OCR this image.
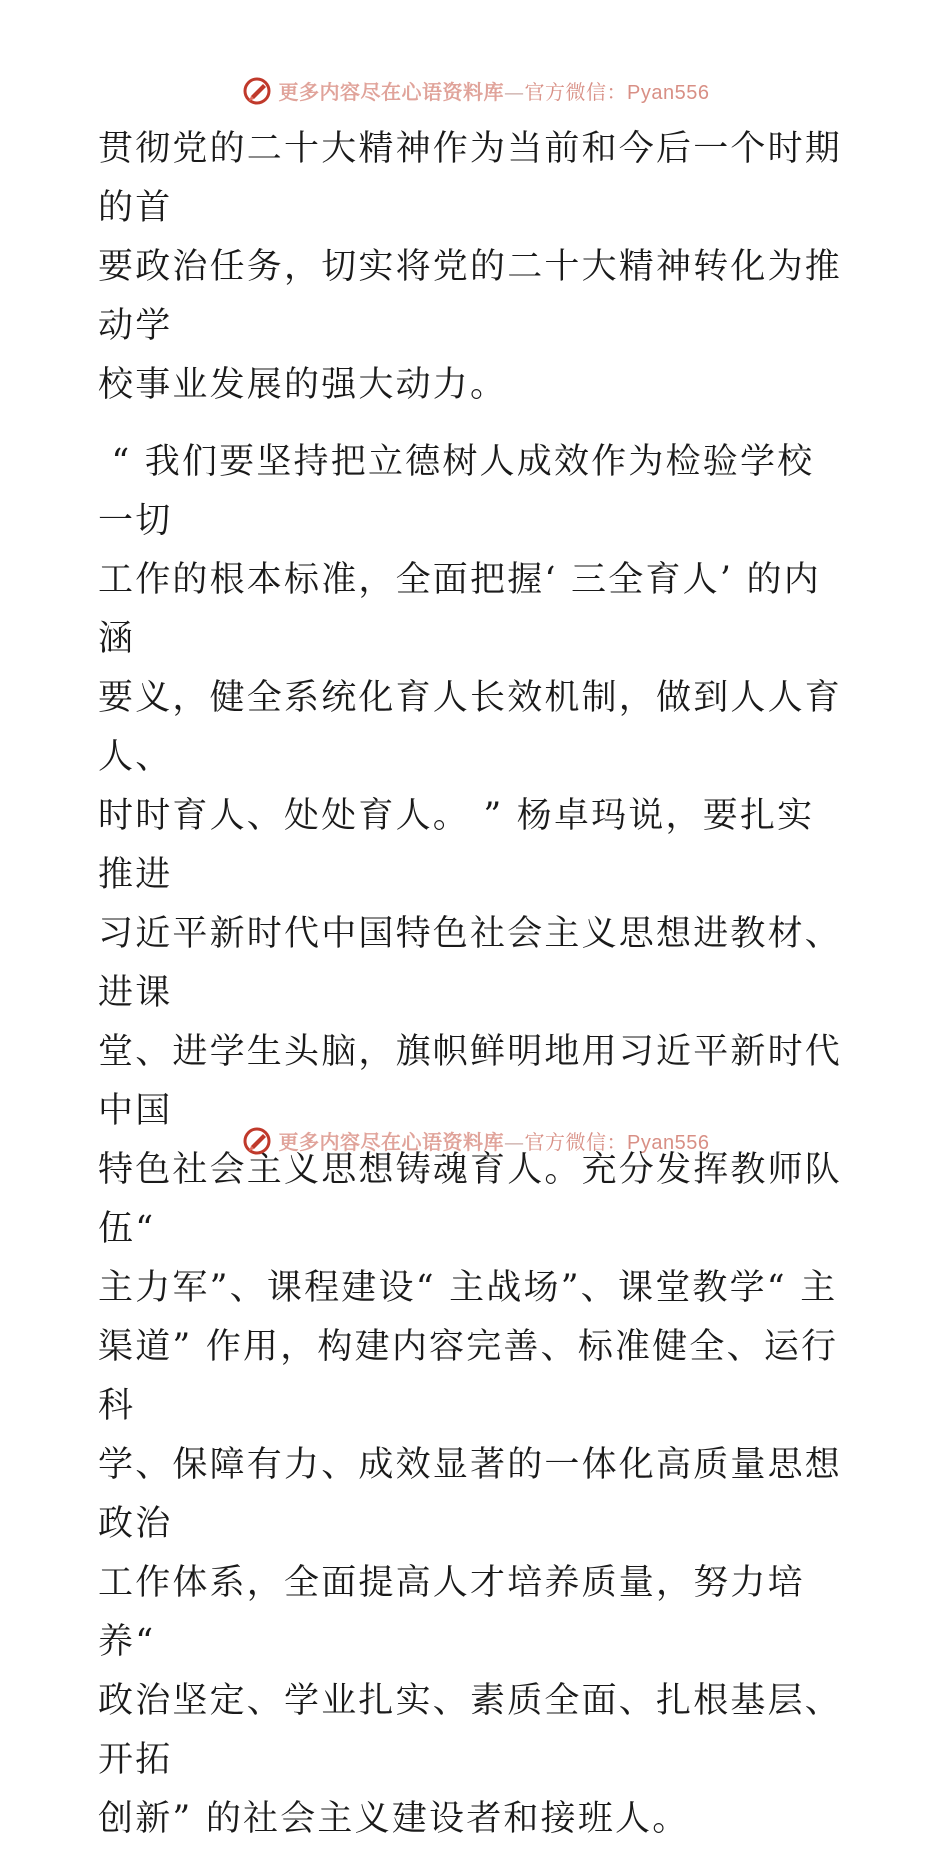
更多内容尽在心语资料库—官方微信：Pyan556

贯彻党的二十大精神作为当前和今后一个时期的首
要政治任务，切实将党的二十大精神转化为推动学
校事业发展的强大动力。

“ 我们要坚持把立德树人成效作为检验学校一切
工作的根本标准，全面把握‘ 三全育人’ 的内涵
要义，健全系统化育人长效机制，做到人人育人、
时时育人、处处育人。 ” 杨卓玛说，要扎实推进
习近平新时代中国特色社会主义思想进教材、进课
堂、进学生头脑，旗帜鲜明地用习近平新时代中国
特色社会主义思想铸魂育人。充分发挥教师队伍“
主力军”、课程建设“ 主战场”、课堂教学“ 主
渠道” 作用，构建内容完善、标准健全、运行科
学、保障有力、成效显著的一体化高质量思想政治
工作体系，全面提高人才培养质量，努力培养“
政治坚定、学业扎实、素质全面、扎根基层、开拓
创新” 的社会主义建设者和接班人。

更多内容尽在心语资料库—官方微信：Pyan556
